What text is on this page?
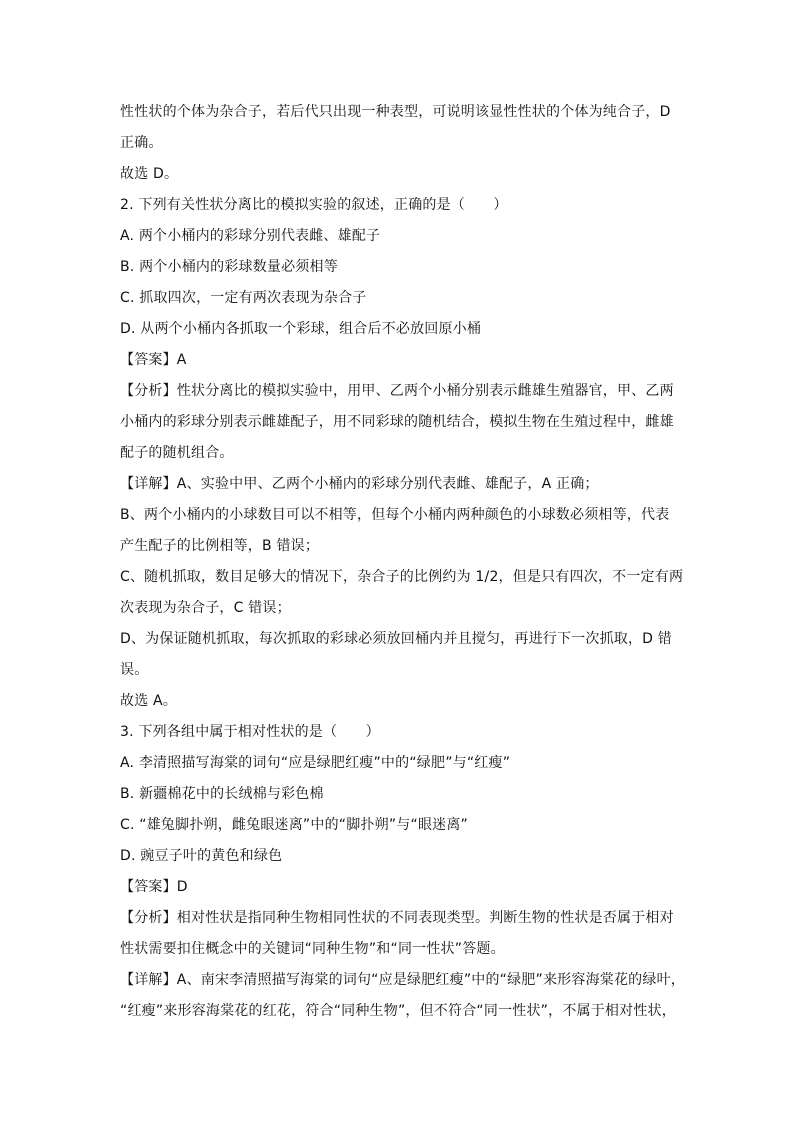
性性状的个体为杂合子，若后代只出现一种表型，可说明该显性性状的个体为纯合子，D
正确。
故选 D。
2. 下列有关性状分离比的模拟实验的叙述，正确的是（　　）
A. 两个小桶内的彩球分别代表雌、雄配子
B. 两个小桶内的彩球数量必须相等
C. 抓取四次，一定有两次表现为杂合子
D. 从两个小桶内各抓取一个彩球，组合后不必放回原小桶
【答案】A
【分析】性状分离比的模拟实验中，用甲、乙两个小桶分别表示雌雄生殖器官，甲、乙两
小桶内的彩球分别表示雌雄配子，用不同彩球的随机结合，模拟生物在生殖过程中，雌雄
配子的随机组合。
【详解】A、实验中甲、乙两个小桶内的彩球分别代表雌、雄配子，A 正确；
B、两个小桶内的小球数目可以不相等，但每个小桶内两种颜色的小球数必须相等，代表
产生配子的比例相等，B 错误；
C、随机抓取，数目足够大的情况下，杂合子的比例约为 1/2，但是只有四次，不一定有两
次表现为杂合子，C 错误；
D、为保证随机抓取，每次抓取的彩球必须放回桶内并且搅匀，再进行下一次抓取，D 错
误。
故选 A。
3. 下列各组中属于相对性状的是（　　）
A. 李清照描写海棠的词句“应是绿肥红瘦”中的“绿肥”与“红瘦”
B. 新疆棉花中的长绒棉与彩色棉
C. “雄兔脚扑朔，雌兔眼迷离”中的“脚扑朔”与“眼迷离”
D. 豌豆子叶的黄色和绿色
【答案】D
【分析】相对性状是指同种生物相同性状的不同表现类型。判断生物的性状是否属于相对
性状需要扣住概念中的关键词“同种生物”和“同一性状”答题。
【详解】A、南宋李清照描写海棠的词句“应是绿肥红瘦”中的“绿肥”来形容海棠花的绿叶，
“红瘦”来形容海棠花的红花，符合“同种生物”，但不符合“同一性状”，不属于相对性状，
